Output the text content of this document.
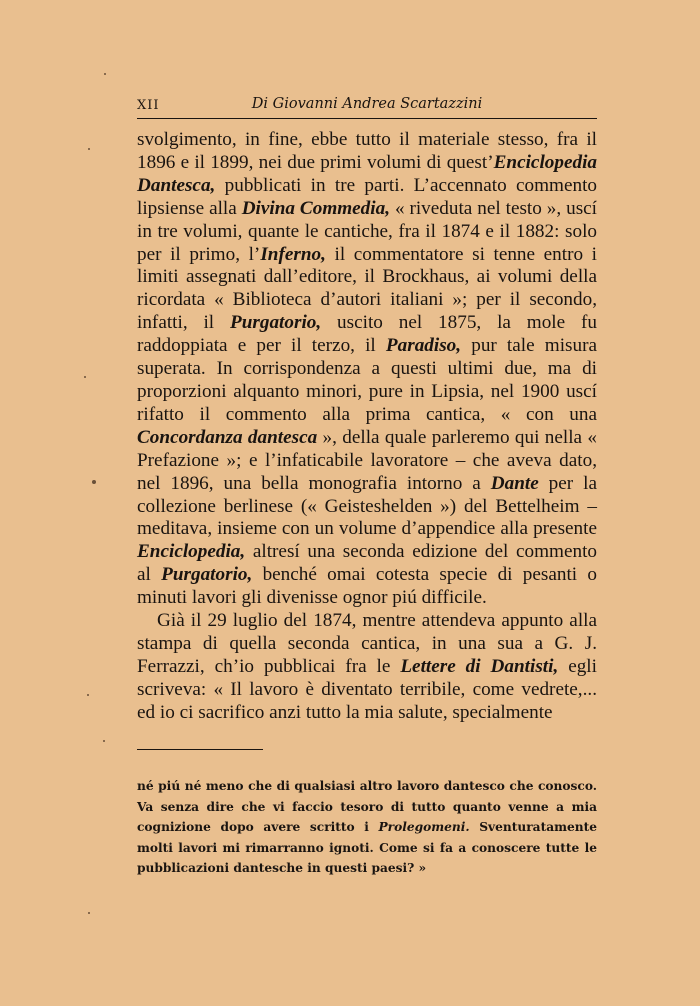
XII	Di Giovanni Andrea Scartazzini

svolgimento, in fine, ebbe tutto il materiale stesso, fra il 1896 e il 1899, nei due primi volumi di quest’Enciclopedia Dantesca, pubblicati in tre parti. L’accennato commento lipsiense alla Divina Commedia, « riveduta nel testo », uscí in tre volumi, quante le cantiche, fra il 1874 e il 1882: solo per il primo, l’Inferno, il commentatore si tenne entro i limiti assegnati dall’editore, il Brockhaus, ai volumi della ricordata « Biblioteca d’autori italiani »; per il secondo, infatti, il Purgatorio, uscito nel 1875, la mole fu raddoppiata e per il terzo, il Paradiso, pur tale misura superata. In corrispondenza a questi ultimi due, ma di proporzioni alquanto minori, pure in Lipsia, nel 1900 uscí rifatto il commento alla prima cantica, « con una Concordanza dantesca », della quale parleremo qui nella « Prefazione »; e l’infaticabile lavoratore – che aveva dato, nel 1896, una bella monografia intorno a Dante per la collezione berlinese (« Geisteshelden ») del Bettelheim – meditava, insieme con un volume d’appendice alla presente Enciclopedia, altresí una seconda edizione del commento al Purgatorio, benché omai cotesta specie di pesanti o minuti lavori gli divenisse ognor piú difficile.

Già il 29 luglio del 1874, mentre attendeva appunto alla stampa di quella seconda cantica, in una sua a G. J. Ferrazzi, ch’io pubblicai fra le Lettere di Dantisti, egli scriveva: « Il lavoro è diventato terribile, come vedrete,... ed io ci sacrifico anzi tutto la mia salute, specialmente

né piú né meno che di qualsiasi altro lavoro dantesco che conosco. Va senza dire che vi faccio tesoro di tutto quanto venne a mia cognizione dopo avere scritto i Prolegomeni. Sventuratamente molti lavori mi rimarranno ignoti. Come si fa a conoscere tutte le pubblicazioni dantesche in questi paesi? »
